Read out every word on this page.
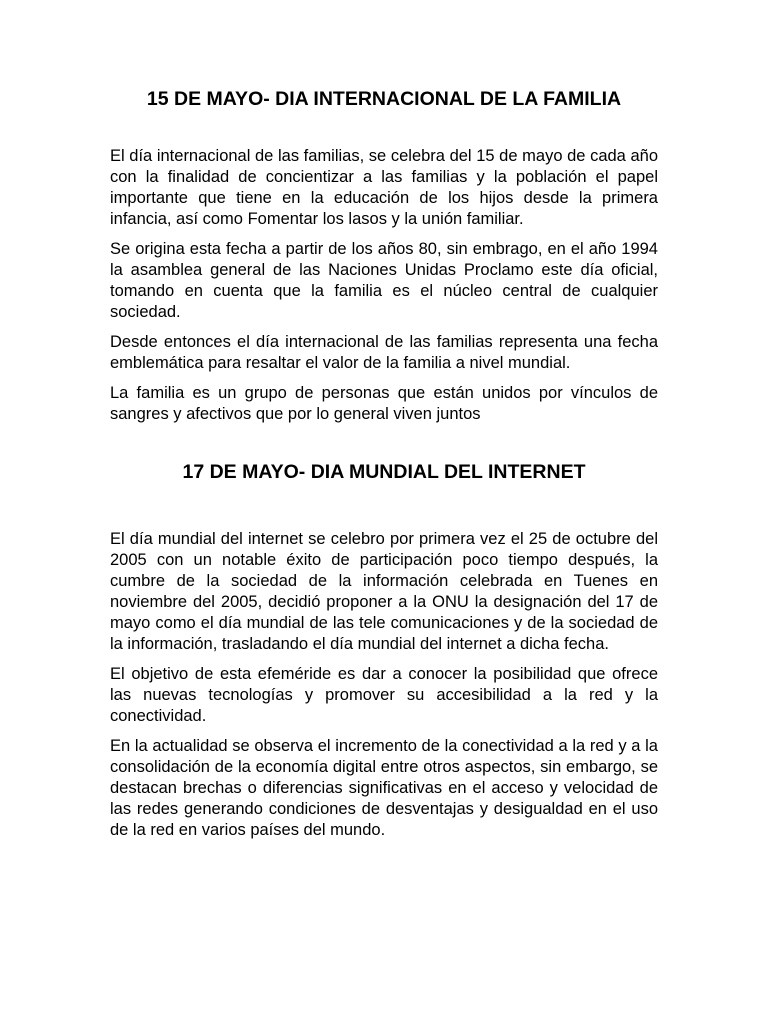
15 DE MAYO- DIA INTERNACIONAL DE LA FAMILIA

El día internacional de las familias, se celebra del 15 de mayo de cada año con la finalidad de concientizar a las familias y la población el papel importante que tiene en la educación de los hijos desde la primera infancia, así como Fomentar los lasos y la unión familiar.

Se origina esta fecha a partir de los años 80, sin embrago, en el año 1994 la asamblea general de las Naciones Unidas Proclamo este día oficial, tomando en cuenta que la familia es el núcleo central de cualquier sociedad.

Desde entonces el día internacional de las familias representa una fecha emblemática para resaltar el valor de la familia a nivel mundial.

La familia es un grupo de personas que están unidos por vínculos de sangres y afectivos que por lo general viven juntos

17 DE MAYO- DIA MUNDIAL DEL INTERNET

El día mundial del internet se celebro por primera vez el 25 de octubre del 2005 con un notable éxito de participación poco tiempo después, la cumbre de la sociedad de la información celebrada en Tuenes en noviembre del 2005, decidió proponer a la ONU la designación del 17 de mayo como el día mundial de las tele comunicaciones y de la sociedad de la información, trasladando el día mundial del internet a dicha fecha.

El objetivo de esta efeméride es dar a conocer la posibilidad que ofrece las nuevas tecnologías y promover su accesibilidad a la red y la conectividad.

En la actualidad se observa el incremento de la conectividad a la red y a la consolidación de la economía digital entre otros aspectos, sin embargo, se destacan brechas o diferencias significativas en el acceso y velocidad de las redes generando condiciones de desventajas y desigualdad en el uso de la red en varios países del mundo.
